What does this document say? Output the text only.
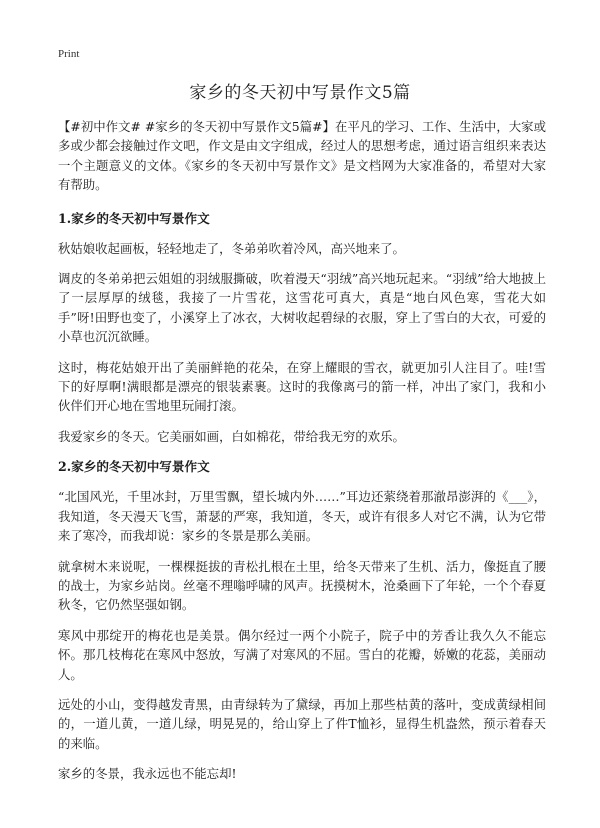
Print
家乡的冬天初中写景作文5篇

【#初中作文# #家乡的冬天初中写景作文5篇#】在平凡的学习、工作、生活中，大家或多或少都会接触过作文吧，作文是由文字组成，经过人的思想考虑，通过语言组织来表达一个主题意义的文体。《家乡的冬天初中写景作文》是文档网为大家准备的，希望对大家有帮助。

1.家乡的冬天初中写景作文

秋姑娘收起画板，轻轻地走了，冬弟弟吹着冷风，高兴地来了。

调皮的冬弟弟把云姐姐的羽绒服撕破，吹着漫天“羽绒”高兴地玩起来。“羽绒”给大地披上了一层厚厚的绒毯，我接了一片雪花，这雪花可真大，真是“地白风色寒，雪花大如手”呀!田野也变了，小溪穿上了冰衣，大树收起碧绿的衣服，穿上了雪白的大衣，可爱的小草也沉沉欲睡。

这时，梅花姑娘开出了美丽鲜艳的花朵，在穿上耀眼的雪衣，就更加引人注目了。哇!雪下的好厚啊!满眼都是漂亮的银装素裹。这时的我像离弓的箭一样，冲出了家门，我和小伙伴们开心地在雪地里玩闹打滚。

我爱家乡的冬天。它美丽如画，白如棉花，带给我无穷的欢乐。

2.家乡的冬天初中写景作文

“北国风光，千里冰封，万里雪飘，望长城内外……”耳边还萦绕着那澈昂澎湃的《___》，我知道，冬天漫天飞雪，萧瑟的严寒，我知道，冬天，或许有很多人对它不满，认为它带来了寒冷，而我却说：家乡的冬景是那么美丽。

就拿树木来说呢，一棵棵挺拔的青松扎根在土里，给冬天带来了生机、活力，像挺直了腰的战士，为家乡站岗。丝毫不理嗡呼啸的风声。抚摸树木，沧桑画下了年轮，一个个春夏秋冬，它仍然坚强如钢。

寒风中那绽开的梅花也是美景。偶尔经过一两个小院子，院子中的芳香让我久久不能忘怀。那几枝梅花在寒风中怒放，写满了对寒风的不屈。雪白的花瓣，娇嫩的花蕊，美丽动人。

远处的小山，变得越发青黑，由青绿转为了黛绿，再加上那些枯黄的落叶，变成黄绿相间的，一道儿黄，一道儿绿，明晃晃的，给山穿上了件T恤衫，显得生机盎然，预示着春天的来临。

家乡的冬景，我永远也不能忘却!
